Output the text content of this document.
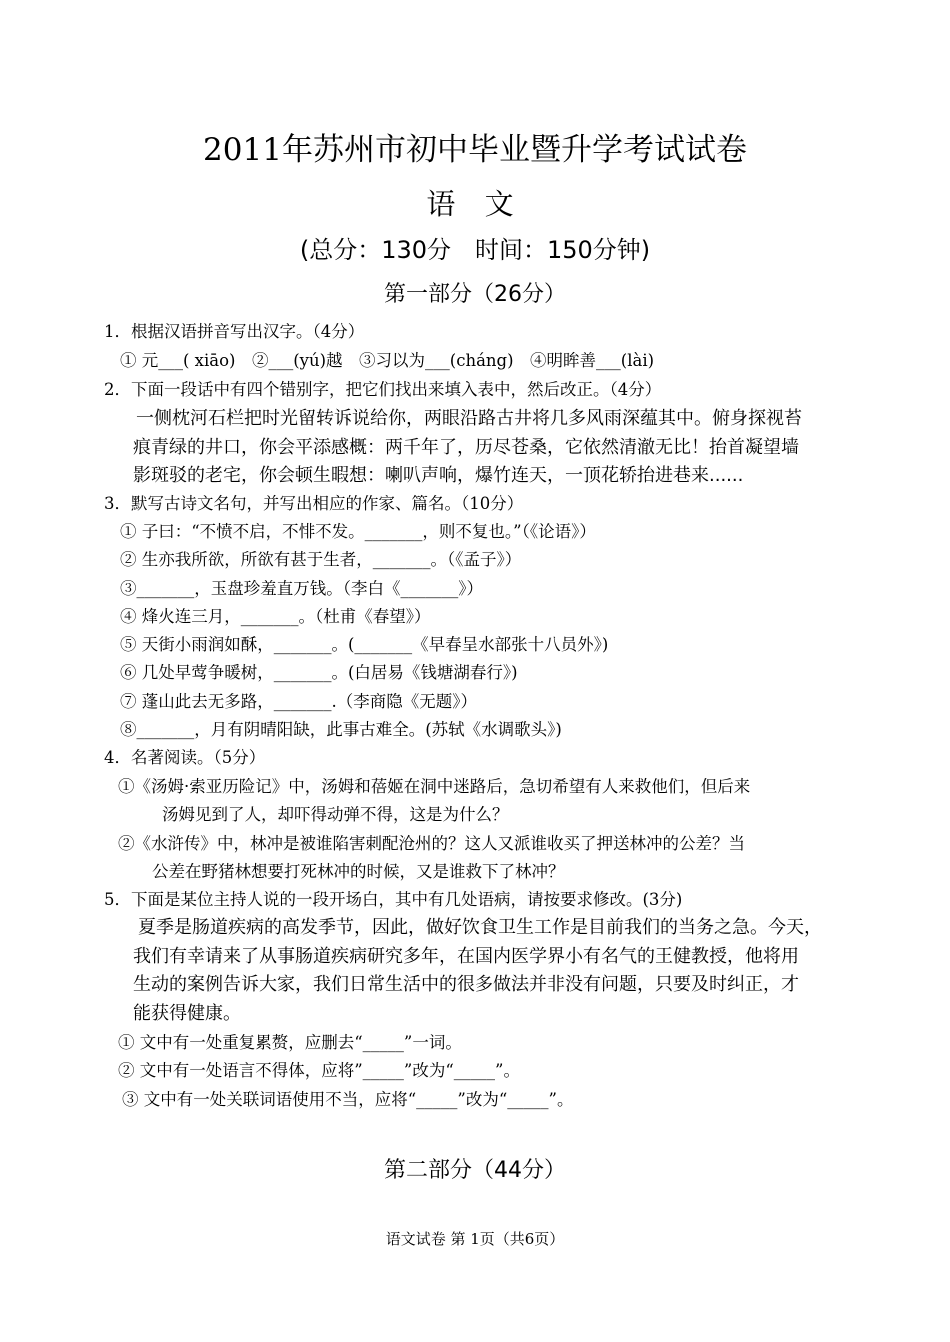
2011年苏州市初中毕业暨升学考试试卷
语 文
(总分：130分　时间：150分钟)
第一部分（26分）
1．根据汉语拼音写出汉字。（4分）
① 元___( xiāo)　②___(yú)越　③习以为___(cháng)　④明眸善___(lài)
2．下面一段话中有四个错别字，把它们找出来填入表中，然后改正。（4分）
一侧枕河石栏把时光留转诉说给你，两眼沿路古井将几多风雨深蕴其中。俯身探视苔
痕青绿的井口，你会平添感概：两千年了，历尽苍桑，它依然清澈无比！抬首凝望墙
影斑驳的老宅，你会顿生暇想：喇叭声响，爆竹连天，一顶花轿抬进巷来......
3．默写古诗文名句，并写出相应的作家、篇名。（10分）
① 子曰：“不愤不启，不悱不发。_______，则不复也。”（《论语》）
② 生亦我所欲，所欲有甚于生者，_______。（《孟子》）
③_______，玉盘珍羞直万钱。（李白《_______》）
④ 烽火连三月，_______。（杜甫《春望》）
⑤ 天街小雨润如酥，_______。(_______《早春呈水部张十八员外》)
⑥ 几处早莺争暖树，_______。(白居易《钱塘湖春行》)
⑦ 蓬山此去无多路，_______.（李商隐《无题》）
⑧_______，月有阴晴阳缺，此事古难全。(苏轼《水调歌头》)
4．名著阅读。（5分）
①《汤姆·索亚历险记》中，汤姆和蓓姬在洞中迷路后，急切希望有人来救他们，但后来
汤姆见到了人，却吓得动弹不得，这是为什么？
②《水浒传》中，林冲是被谁陷害刺配沧州的？这人又派谁收买了押送林冲的公差？当
公差在野猪林想要打死林冲的时候，又是谁救下了林冲？
5．下面是某位主持人说的一段开场白，其中有几处语病，请按要求修改。(3分)
夏季是肠道疾病的高发季节，因此，做好饮食卫生工作是目前我们的当务之急。今天，
我们有幸请来了从事肠道疾病研究多年，在国内医学界小有名气的王健教授，他将用
生动的案例告诉大家，我们日常生活中的很多做法并非没有问题，只要及时纠正，才
能获得健康。
① 文中有一处重复累赘，应删去“_____”一词。
② 文中有一处语言不得体，应将”_____”改为“_____”。
③ 文中有一处关联词语使用不当，应将“_____”改为“_____”。
第二部分（44分）
语文试卷 第 1页（共6页）
